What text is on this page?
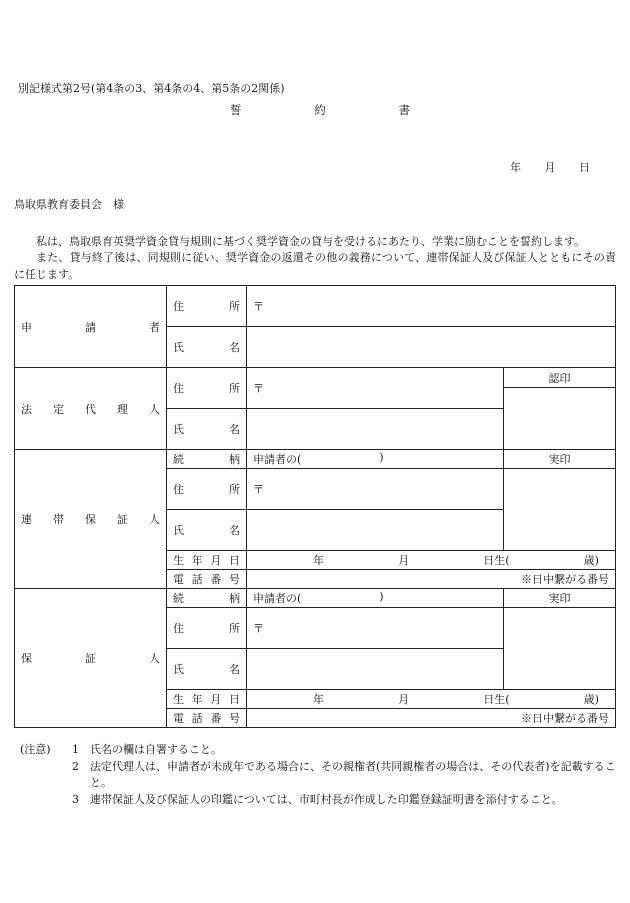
別記様式第2号(第4条の3、第4条の4、第5条の2関係)
誓	約	書
年 月 日
鳥取県教育委員会　様
私は、鳥取県育英奨学資金貸与規則に基づく奨学資金の貸与を受けるにあたり、学業に励むことを誓約します。
また、貸与終了後は、同規則に従い、奨学資金の返還その他の義務について、連帯保証人及び保証人とともにその責に任じます。
申請者	住　所	〒	
	氏　名		
法定代理人	住　所	〒	認印

	氏　名		
連帯保証人	続　柄	申請者の( )	実印
	住　所	〒	
	氏　名		
	生年月日	年 月 日生( 歳)	

	電話番号	※日中繋がる番号	
保証人	続　柄	申請者の( )	実印
	住　所	〒	
	氏　名		
	生年月日	年 月 日生( 歳)	

	電話番号	※日中繋がる番号	
(注意)	1	氏名の欄は自署すること。
2	法定代理人は、申請者が未成年である場合に、その親権者(共同親権者の場合は、その代表者)を記載すること。
3	連帯保証人及び保証人の印鑑については、市町村長が作成した印鑑登録証明書を添付すること。
